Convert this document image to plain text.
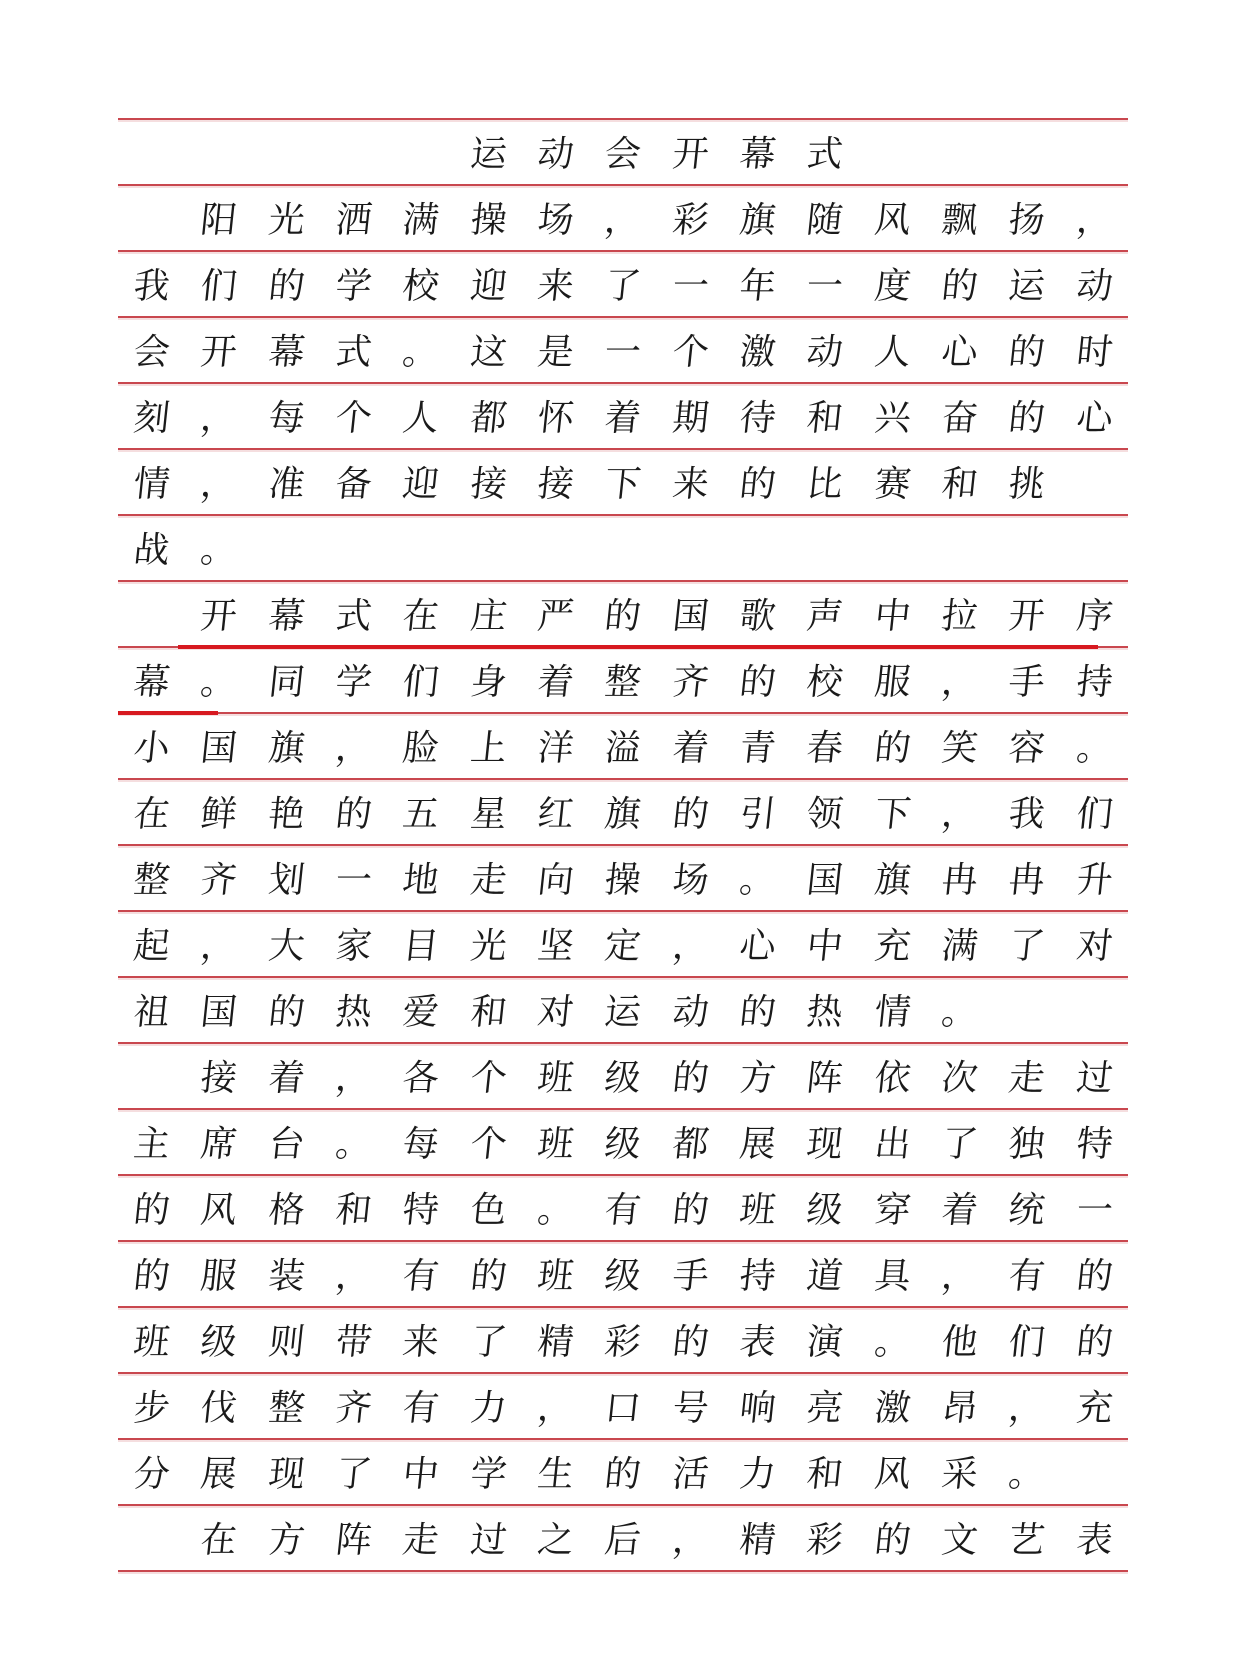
运 动 会 开 幕 式
阳 光 洒 满 操 场 ， 彩 旗 随 风 飘 扬 ，
我 们 的 学 校 迎 来 了 一 年 一 度 的 运 动
会 开 幕 式 。 这 是 一 个 激 动 人 心 的 时
刻 ， 每 个 人 都 怀 着 期 待 和 兴 奋 的 心
情 ， 准 备 迎 接 接 下 来 的 比 赛 和 挑
战 。
开 幕 式 在 庄 严 的 国 歌 声 中 拉 开 序
幕 。 同 学 们 身 着 整 齐 的 校 服 ， 手 持
小 国 旗 ， 脸 上 洋 溢 着 青 春 的 笑 容 。
在 鲜 艳 的 五 星 红 旗 的 引 领 下 ， 我 们
整 齐 划 一 地 走 向 操 场 。 国 旗 冉 冉 升
起 ， 大 家 目 光 坚 定 ， 心 中 充 满 了 对
祖 国 的 热 爱 和 对 运 动 的 热 情 。
接 着 ， 各 个 班 级 的 方 阵 依 次 走 过
主 席 台 。 每 个 班 级 都 展 现 出 了 独 特
的 风 格 和 特 色 。 有 的 班 级 穿 着 统 一
的 服 装 ， 有 的 班 级 手 持 道 具 ， 有 的
班 级 则 带 来 了 精 彩 的 表 演 。 他 们 的
步 伐 整 齐 有 力 ， 口 号 响 亮 激 昂 ， 充
分 展 现 了 中 学 生 的 活 力 和 风 采 。
在 方 阵 走 过 之 后 ， 精 彩 的 文 艺 表
